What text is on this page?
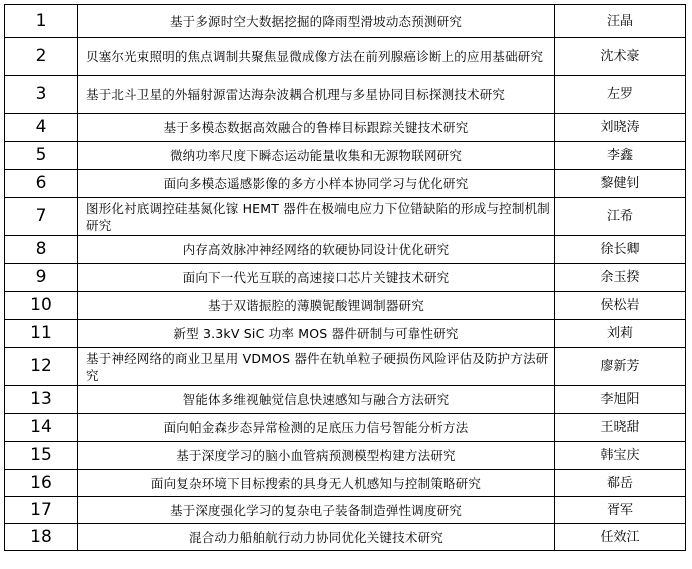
1	基于多源时空大数据挖掘的降雨型滑坡动态预测研究	汪晶
2	贝塞尔光束照明的焦点调制共聚焦显微成像方法在前列腺癌诊断上的应用基础研究	沈术豪
3	基于北斗卫星的外辐射源雷达海杂波耦合机理与多星协同目标探测技术研究	左罗
4	基于多模态数据高效融合的鲁棒目标跟踪关键技术研究	刘晓涛
5	微纳功率尺度下瞬态运动能量收集和无源物联网研究	李鑫
6	面向多模态遥感影像的多方小样本协同学习与优化研究	黎健钊
7	图形化衬底调控硅基氮化镓 HEMT 器件在极端电应力下位错缺陷的形成与控制机制研究	江希
8	内存高效脉冲神经网络的软硬协同设计优化研究	徐长卿
9	面向下一代光互联的高速接口芯片关键技术研究	余玉揆
10	基于双谐振腔的薄膜铌酸锂调制器研究	侯松岩
11	新型 3.3kV SiC 功率 MOS 器件研制与可靠性研究	刘莉
12	基于神经网络的商业卫星用 VDMOS 器件在轨单粒子硬损伤风险评估及防护方法研究	廖新芳
13	智能体多维视触觉信息快速感知与融合方法研究	李旭阳
14	面向帕金森步态异常检测的足底压力信号智能分析方法	王晓甜
15	基于深度学习的脑小血管病预测模型构建方法研究	韩宝庆
16	面向复杂环境下目标搜索的具身无人机感知与控制策略研究	郗岳
17	基于深度强化学习的复杂电子装备制造弹性调度研究	胥军
18	混合动力船舶航行动力协同优化关键技术研究	任效江
